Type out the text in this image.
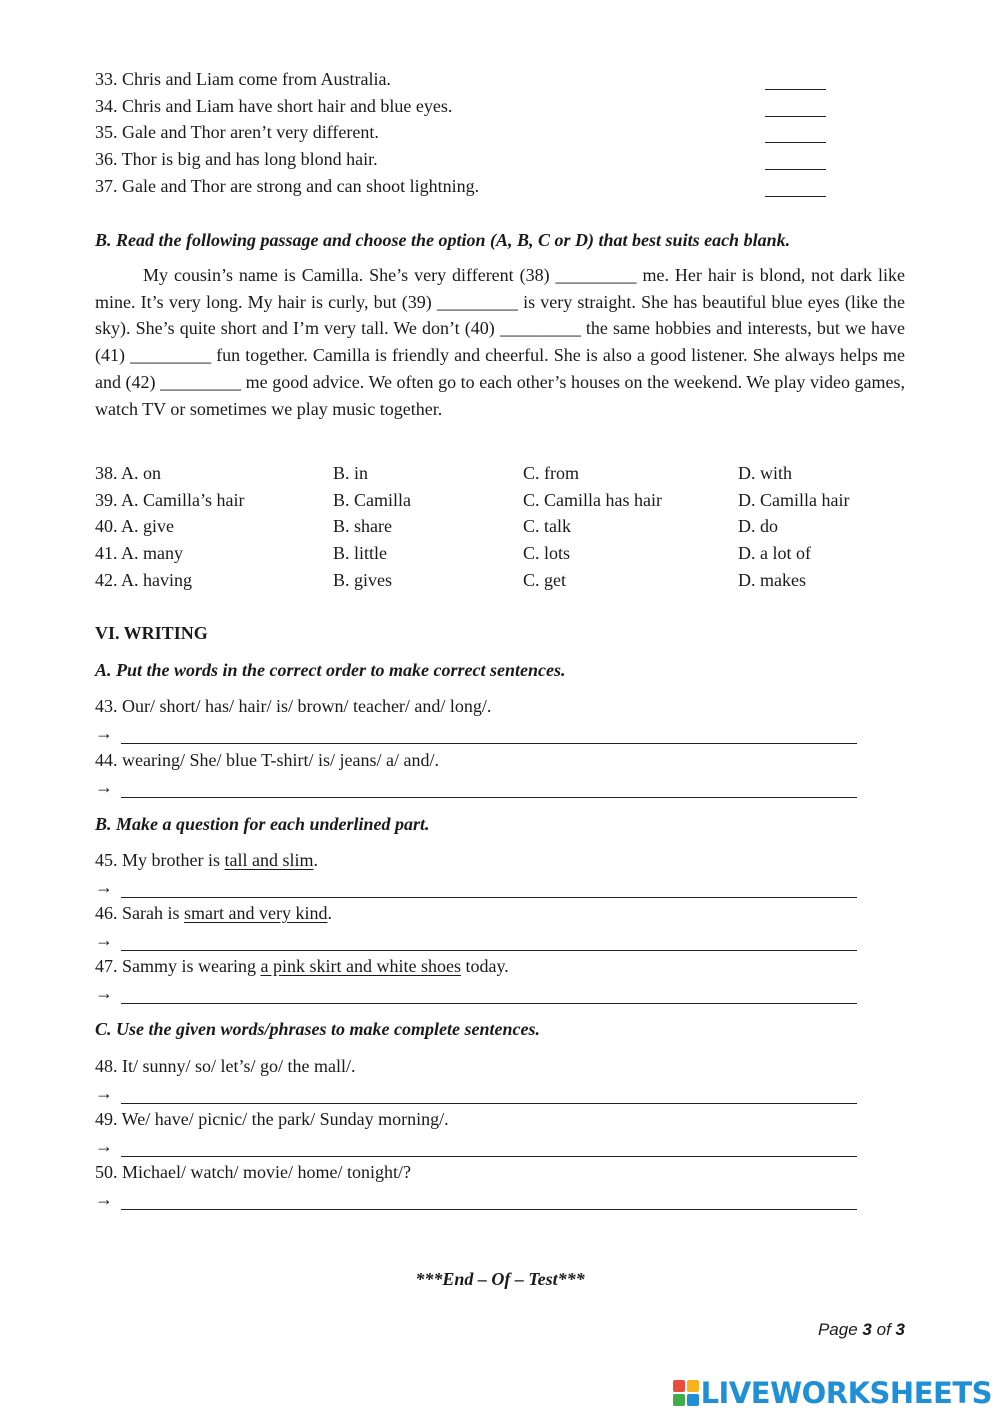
33. Chris and Liam come from Australia.
34. Chris and Liam have short hair and blue eyes.
35. Gale and Thor aren’t very different.
36. Thor is big and has long blond hair.
37. Gale and Thor are strong and can shoot lightning.
B. Read the following passage and choose the option (A, B, C or D) that best suits each blank.

My cousin’s name is Camilla. She’s very different (38) _________ me. Her hair is blond, not dark like mine. It’s very long. My hair is curly, but (39) _________ is very straight. She has beautiful blue eyes (like the sky). She’s quite short and I’m very tall. We don’t (40) _________ the same hobbies and interests, but we have (41) _________ fun together. Camilla is friendly and cheerful. She is also a good listener. She always helps me and (42) _________ me good advice. We often go to each other’s houses on the weekend. We play video games, watch TV or sometimes we play music together.

38. A. on	B. in	C. from	D. with
39. A. Camilla’s hair	B. Camilla	C. Camilla has hair	D. Camilla hair
40. A. give	B. share	C. talk	D. do
41. A. many	B. little	C. lots	D. a lot of
42. A. having	B. gives	C. get	D. makes
VI. WRITING
A. Put the words in the correct order to make correct sentences.
43. Our/ short/ has/ hair/ is/ brown/ teacher/ and/ long/.
→
44. wearing/ She/ blue T-shirt/ is/ jeans/ a/ and/.
→
B. Make a question for each underlined part.
45. My brother is tall and slim.
→
46. Sarah is smart and very kind.
→
47. Sammy is wearing a pink skirt and white shoes today.
→
C. Use the given words/phrases to make complete sentences.
48. It/ sunny/ so/ let’s/ go/ the mall/.
→
49. We/ have/ picnic/ the park/ Sunday morning/.
→
50. Michael/ watch/ movie/ home/ tonight/?
→
***End – Of – Test***
Page 3 of 3
LIVEWORKSHEETS
